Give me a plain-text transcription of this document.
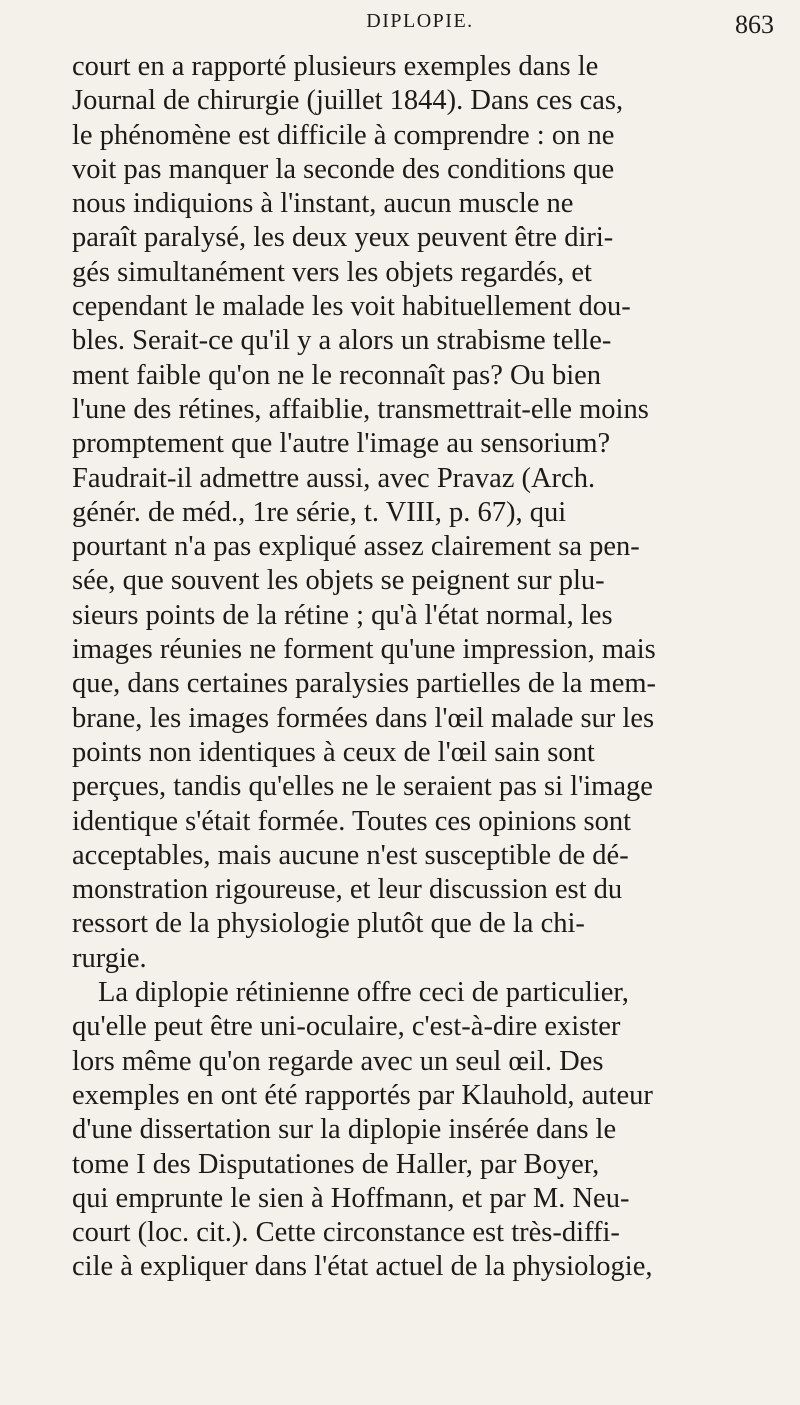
DIPLOPIE.	863
court en a rapporté plusieurs exemples dans le
Journal de chirurgie (juillet 1844). Dans ces cas,
le phénomène est difficile à comprendre : on ne
voit pas manquer la seconde des conditions que
nous indiquions à l'instant, aucun muscle ne
paraît paralysé, les deux yeux peuvent être diri-
gés simultanément vers les objets regardés, et
cependant le malade les voit habituellement dou-
bles. Serait-ce qu'il y a alors un strabisme telle-
ment faible qu'on ne le reconnaît pas? Ou bien
l'une des rétines, affaiblie, transmettrait-elle moins
promptement que l'autre l'image au sensorium?
Faudrait-il admettre aussi, avec Pravaz (Arch.
génér. de méd., 1re série, t. VIII, p. 67), qui
pourtant n'a pas expliqué assez clairement sa pen-
sée, que souvent les objets se peignent sur plu-
sieurs points de la rétine ; qu'à l'état normal, les
images réunies ne forment qu'une impression, mais
que, dans certaines paralysies partielles de la mem-
brane, les images formées dans l'œil malade sur les
points non identiques à ceux de l'œil sain sont
perçues, tandis qu'elles ne le seraient pas si l'image
identique s'était formée. Toutes ces opinions sont
acceptables, mais aucune n'est susceptible de dé-
monstration rigoureuse, et leur discussion est du
ressort de la physiologie plutôt que de la chi-
rurgie.
La diplopie rétinienne offre ceci de particulier,
qu'elle peut être uni-oculaire, c'est-à-dire exister
lors même qu'on regarde avec un seul œil. Des
exemples en ont été rapportés par Klauhold, auteur
d'une dissertation sur la diplopie insérée dans le
tome I des Disputationes de Haller, par Boyer,
qui emprunte le sien à Hoffmann, et par M. Neu-
court (loc. cit.). Cette circonstance est très-diffi-
cile à expliquer dans l'état actuel de la physiologie,
